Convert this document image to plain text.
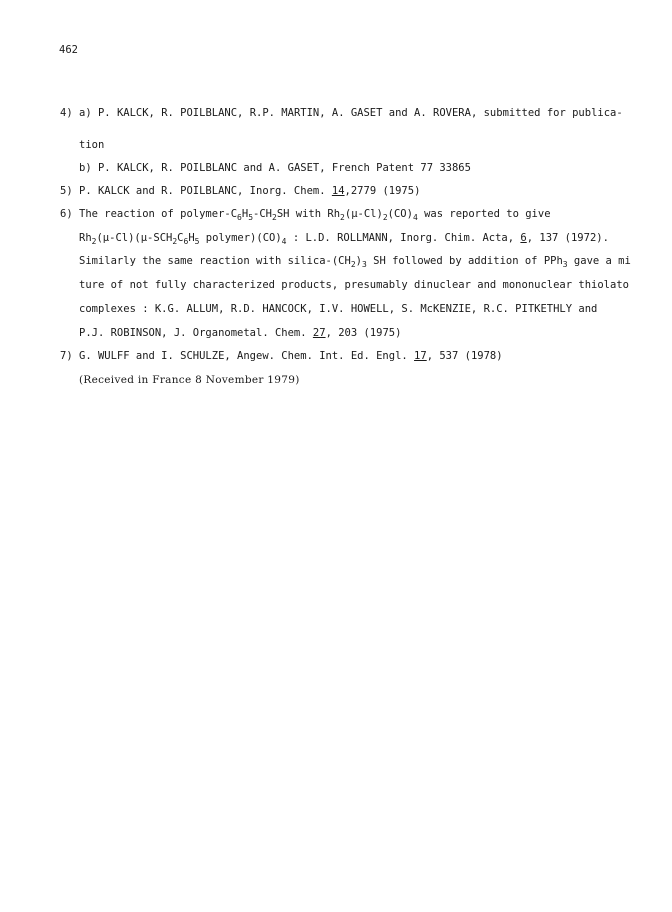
462
4) a) P. KALCK, R. POILBLANC, R.P. MARTIN, A. GASET and A. ROVERA, submitted for publica-
tion
b) P. KALCK, R. POILBLANC and A. GASET, French Patent 77 33865
5) P. KALCK and R. POILBLANC, Inorg. Chem. 14,2779 (1975)
6) The reaction of polymer-$C_6H_5-CH_2SH$ with $Rh_2(\mu-Cl)_2(CO)_4$ was reported to give
$Rh_2(\mu-Cl)(\mu-SCH_2C_6H_5$ $polymer)(CO)_4$ : L.D. ROLLMANN, Inorg. Chim. Acta, 6, 137 (1972).
Similarly the same reaction with silica-$(CH_2)_3$ SH followed by addition of PPh$_3$ gave a mi
ture of not fully characterized products, presumably dinuclear and mononuclear thiolato
complexes : K.G. ALLUM, R.D. HANCOCK, I.V. HOWELL, S. McKENZIE, R.C. PITKETHLY and
P.J. ROBINSON, J. Organometal. Chem. 27, 203 (1975)
7) G. WULFF and I. SCHULZE, Angew. Chem. Int. Ed. Engl. 17, 537 (1978)
(Received in France 8 November 1979)
